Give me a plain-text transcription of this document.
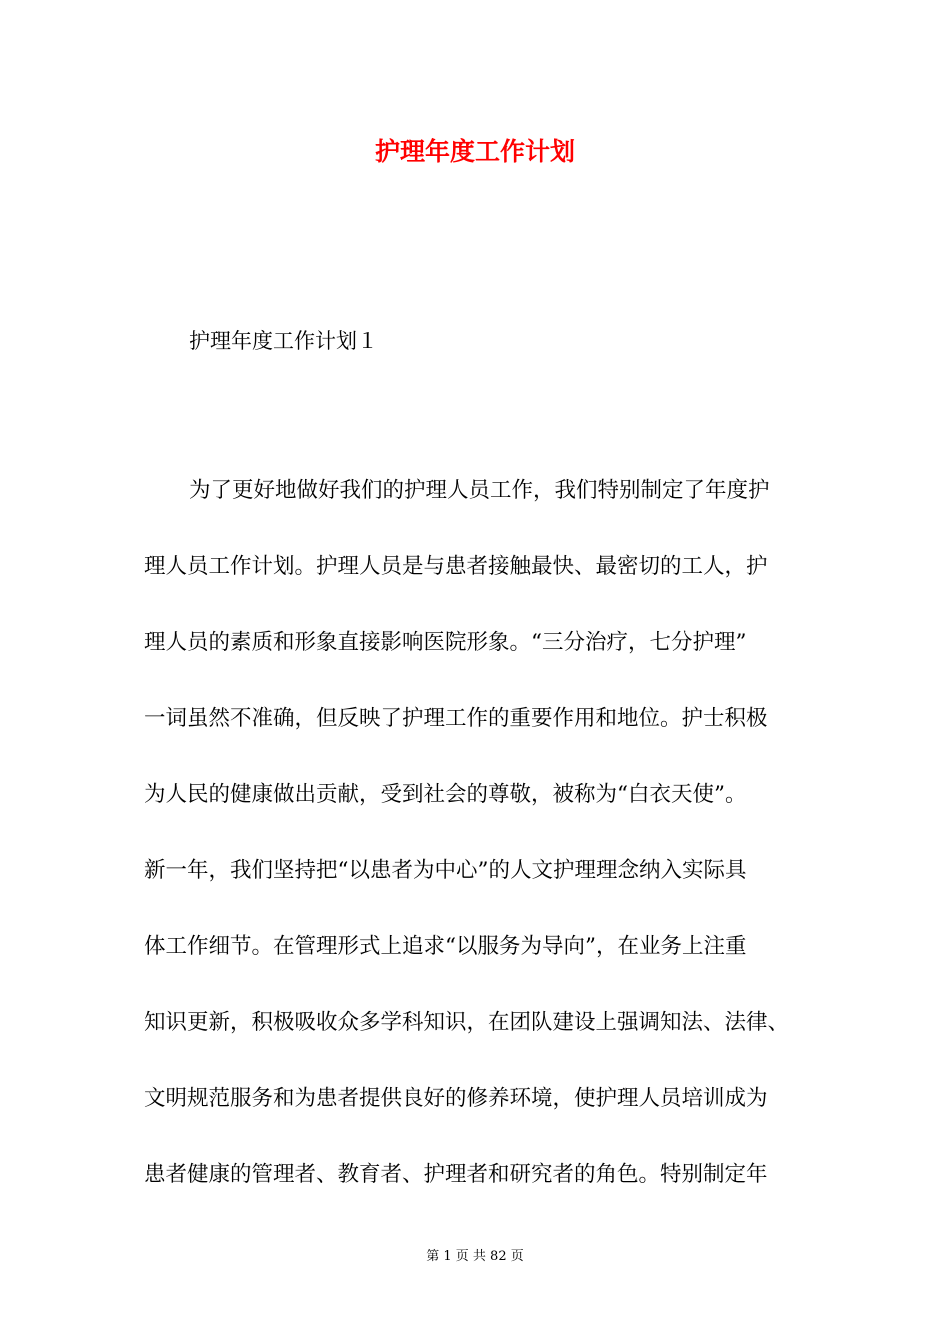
护理年度工作计划
护理年度工作计划１
为了更好地做好我们的护理人员工作，我们特别制定了年度护
理人员工作计划。护理人员是与患者接触最快、最密切的工人，护
理人员的素质和形象直接影响医院形象。“三分治疗，七分护理”
一词虽然不准确，但反映了护理工作的重要作用和地位。护士积极
为人民的健康做出贡献，受到社会的尊敬，被称为“白衣天使”。
新一年，我们坚持把“以患者为中心”的人文护理理念纳入实际具
体工作细节。在管理形式上追求“以服务为导向”，在业务上注重
知识更新，积极吸收众多学科知识，在团队建设上强调知法、法律、
文明规范服务和为患者提供良好的修养环境，使护理人员培训成为
患者健康的管理者、教育者、护理者和研究者的角色。特别制定年
第 1 页 共 82 页
